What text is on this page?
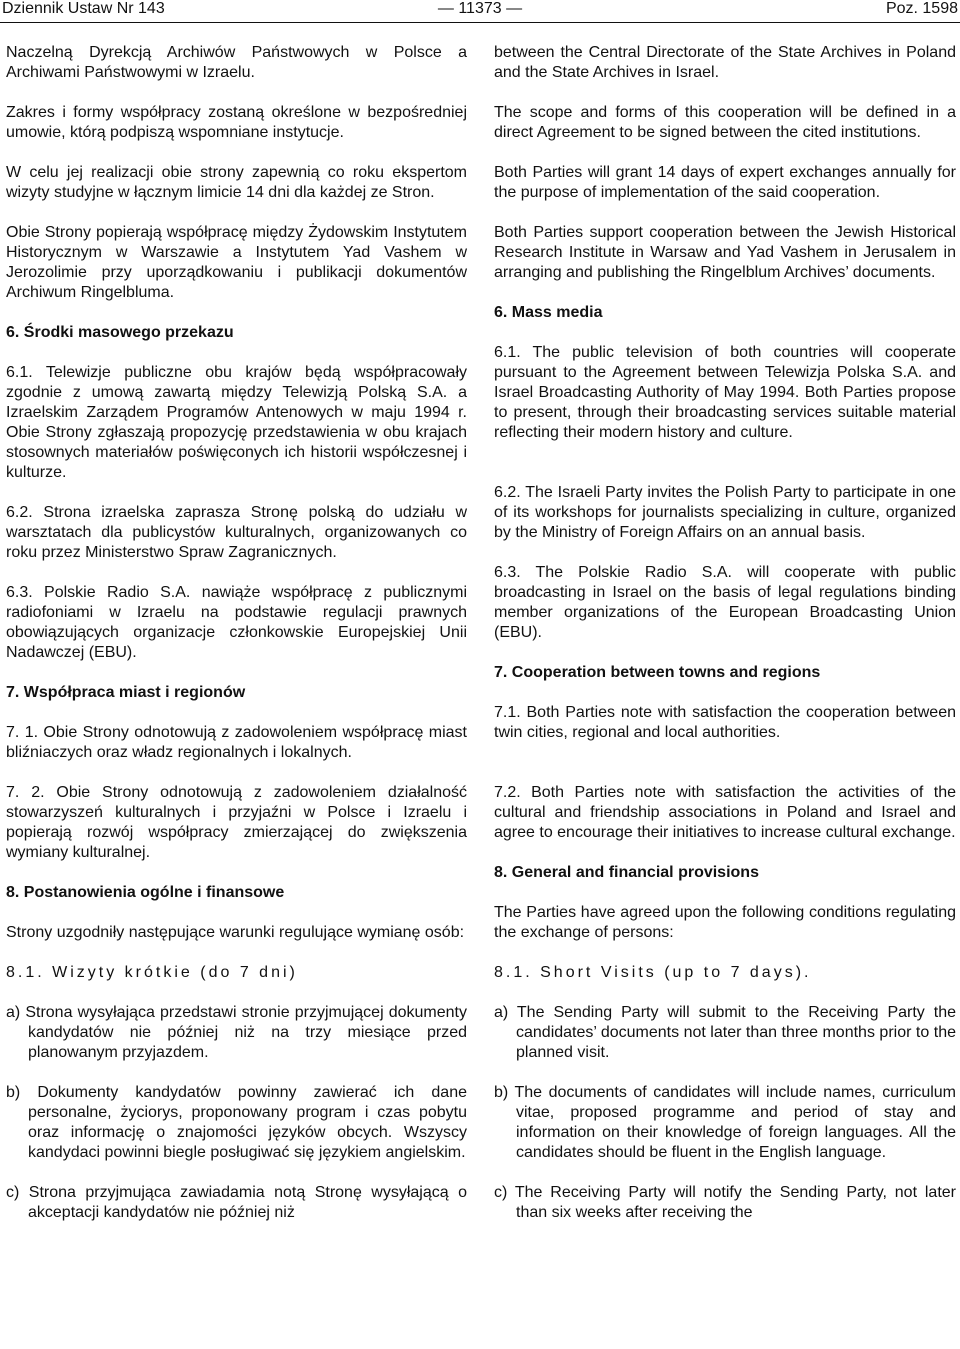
Dziennik Ustaw Nr 143	— 11373 —	Poz. 1598

Naczelną Dyrekcją Archiwów Państwowych w Polsce a Archiwami Państwowymi w Izraelu.

Zakres i formy współpracy zostaną określone w bezpośredniej umowie, którą podpiszą wspomniane instytucje.

W celu jej realizacji obie strony zapewnią co roku ekspertom wizyty studyjne w łącznym limicie 14 dni dla każdej ze Stron.

Obie Strony popierają współpracę między Żydowskim Instytutem Historycznym w Warszawie a Instytutem Yad Vashem w Jerozolimie przy uporządkowaniu i publikacji dokumentów Archiwum Ringelbluma.

6. Środki masowego przekazu

6.1. Telewizje publiczne obu krajów będą współpracowały zgodnie z umową zawartą między Telewizją Polską S.A. a Izraelskim Zarządem Programów Antenowych w maju 1994 r. Obie Strony zgłaszają propozycję przedstawienia w obu krajach stosownych materiałów poświęconych ich historii współczesnej i kulturze.

6.2. Strona izraelska zaprasza Stronę polską do udziału w warsztatach dla publicystów kulturalnych, organizowanych co roku przez Ministerstwo Spraw Zagranicznych.

6.3. Polskie Radio S.A. nawiąże współpracę z publicznymi radiofoniami w Izraelu na podstawie regulacji prawnych obowiązujących organizacje członkowskie Europejskiej Unii Nadawczej (EBU).

7. Współpraca miast i regionów

7. 1. Obie Strony odnotowują z zadowoleniem współpracę miast bliźniaczych oraz władz regionalnych i lokalnych.

7. 2. Obie Strony odnotowują z zadowoleniem działalność stowarzyszeń kulturalnych i przyjaźni w Polsce i Izraelu i popierają rozwój współpracy zmierzającej do zwiększenia wymiany kulturalnej.

8. Postanowienia ogólne i finansowe

Strony uzgodniły następujące warunki regulujące wymianę osób:

8.1. Wizyty krótkie (do 7 dni)

a) Strona wysyłająca przedstawi stronie przyjmującej dokumenty kandydatów nie później niż na trzy miesiące przed planowanym przyjazdem.

b) Dokumenty kandydatów powinny zawierać ich dane personalne, życiorys, proponowany program i czas pobytu oraz informację o znajomości języków obcych. Wszyscy kandydaci powinni biegle posługiwać się językiem angielskim.

c) Strona przyjmująca zawiadamia notą Stronę wysyłającą o akceptacji kandydatów nie później niż

between the Central Directorate of the State Archives in Poland and the State Archives in Israel.

The scope and forms of this cooperation will be defined in a direct Agreement to be signed between the cited institutions.

Both Parties will grant 14 days of expert exchanges annually for the purpose of implementation of the said cooperation.

Both Parties support cooperation between the Jewish Historical Research Institute in Warsaw and Yad Vashem in Jerusalem in arranging and publishing the Ringelblum Archives’ documents.

6. Mass media

6.1. The public television of both countries will cooperate pursuant to the Agreement between Telewizja Polska S.A. and Israel Broadcasting Authority of May 1994. Both Parties propose to present, through their broadcasting services suitable material reflecting their modern history and culture.

6.2. The Israeli Party invites the Polish Party to participate in one of its workshops for journalists specializing in culture, organized by the Ministry of Foreign Affairs on an annual basis.

6.3. The Polskie Radio S.A. will cooperate with public broadcasting in Israel on the basis of legal regulations binding member organizations of the European Broadcasting Union (EBU).

7. Cooperation between towns and regions

7.1. Both Parties note with satisfaction the cooperation between twin cities, regional and local authorities.

7.2. Both Parties note with satisfaction the activities of the cultural and friendship associations in Poland and Israel and agree to encourage their initiatives to increase cultural exchange.

8. General and financial provisions

The Parties have agreed upon the following conditions regulating the exchange of persons:

8.1. Short Visits (up to 7 days).

a) The Sending Party will submit to the Receiving Party the candidates’ documents not later than three months prior to the planned visit.

b) The documents of candidates will include names, curriculum vitae, proposed programme and period of stay and information on their knowledge of foreign languages. All the candidates should be fluent in the English language.

c) The Receiving Party will notify the Sending Party, not later than six weeks after receiving the
